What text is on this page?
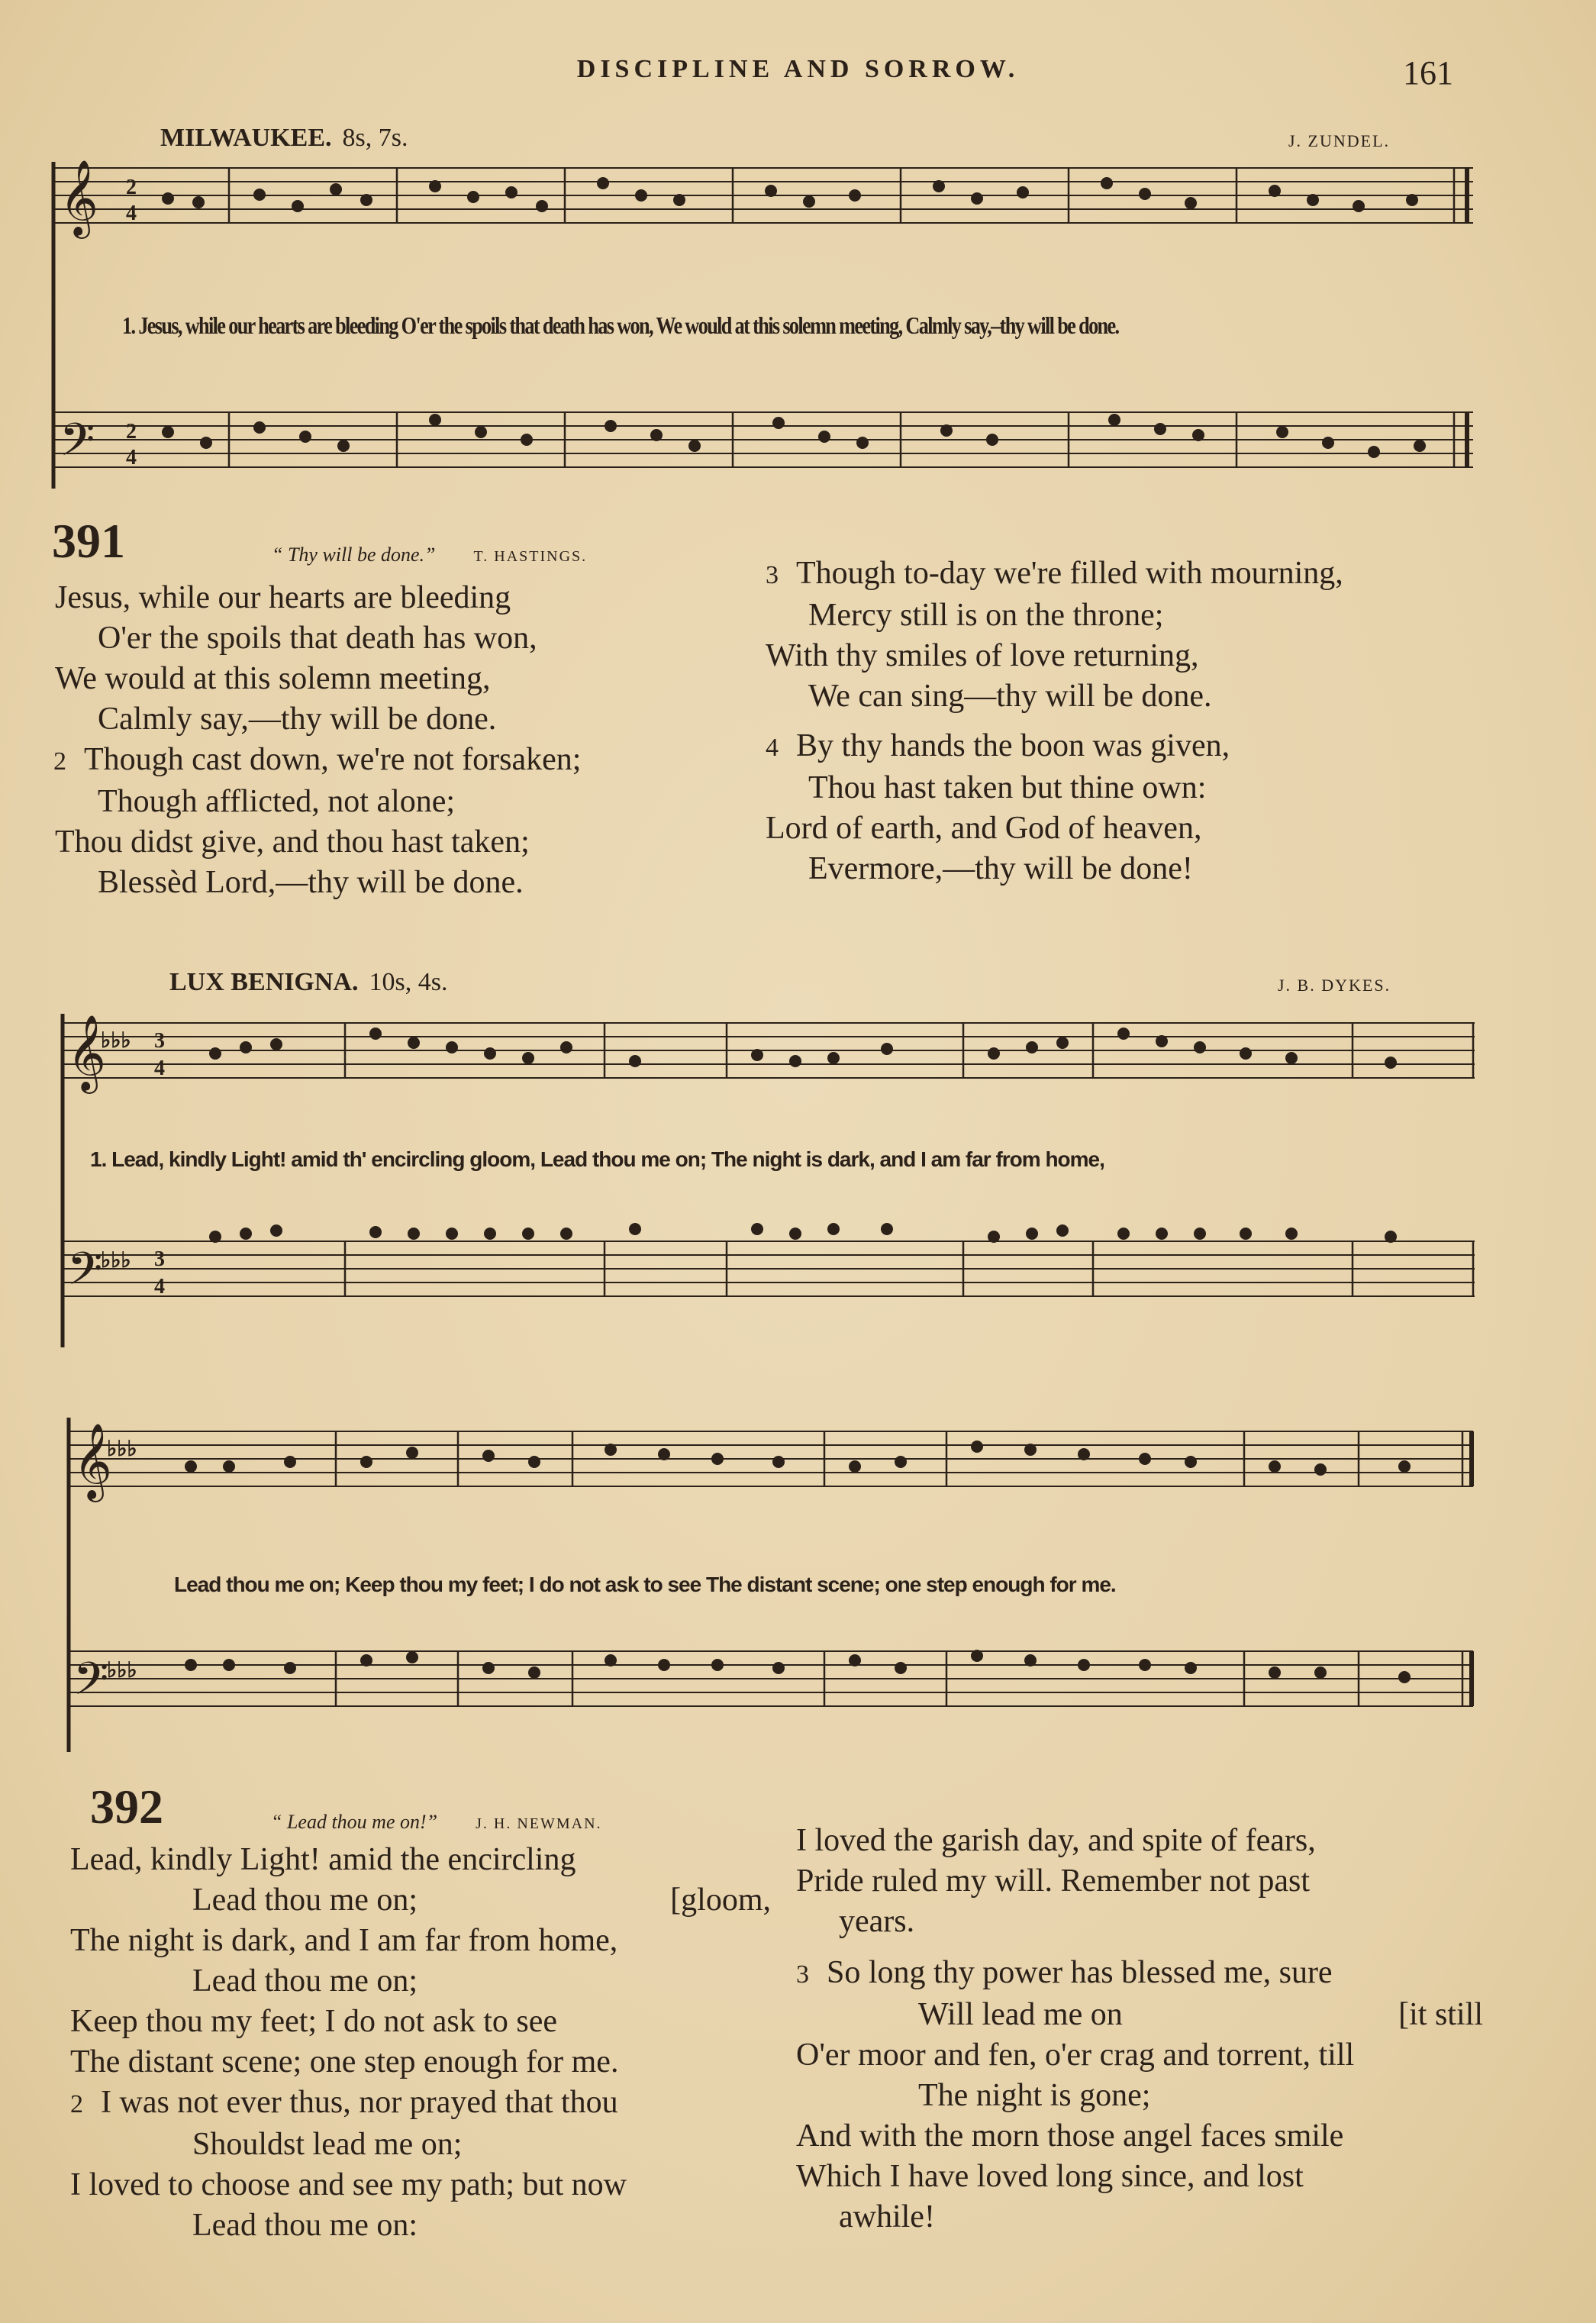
DISCIPLINE AND SORROW.	161
MILWAUKEE. 8s, 7s.	J. ZUNDEL.
𝄞
𝄢
2
4
2
4
1. Jesus, while our hearts are bleeding O'er the spoils that death has won, We would at this solemn meeting, Calmly say,–thy will be done.
391	“ Thy will be done.”	T. HASTINGS.
Jesus, while our hearts are bleeding
O'er the spoils that death has won,
We would at this solemn meeting,
Calmly say,—thy will be done.
2 Though cast down, we're not forsaken;
Though afflicted, not alone;
Thou didst give, and thou hast taken;
Blessèd Lord,—thy will be done.
3 Though to-day we're filled with mourning,
Mercy still is on the throne;
With thy smiles of love returning,
We can sing—thy will be done.
4 By thy hands the boon was given,
Thou hast taken but thine own:
Lord of earth, and God of heaven,
Evermore,—thy will be done!
LUX BENIGNA. 10s, 4s.	J. B. DYKES.
𝄞
𝄢
♭♭♭
♭♭♭
3
4
3
4
1. Lead, kindly Light! amid th' encircling gloom, Lead thou me on; The night is dark, and I am far from home,
𝄞
𝄢
♭♭♭
♭♭♭
Lead thou me on; Keep thou my feet; I do not ask to see The distant scene; one step enough for me.
392	“ Lead thou me on!”	J. H. NEWMAN.
Lead, kindly Light! amid the encircling
Lead thou me on;	[gloom,
The night is dark, and I am far from home,
Lead thou me on;
Keep thou my feet; I do not ask to see
The distant scene; one step enough for me.
2 I was not ever thus, nor prayed that thou
Shouldst lead me on;
I loved to choose and see my path; but now
Lead thou me on:
I loved the garish day, and spite of fears,
Pride ruled my will. Remember not past
years.
3 So long thy power has blessed me, sure
Will lead me on	[it still
O'er moor and fen, o'er crag and torrent, till
The night is gone;
And with the morn those angel faces smile
Which I have loved long since, and lost
awhile!
